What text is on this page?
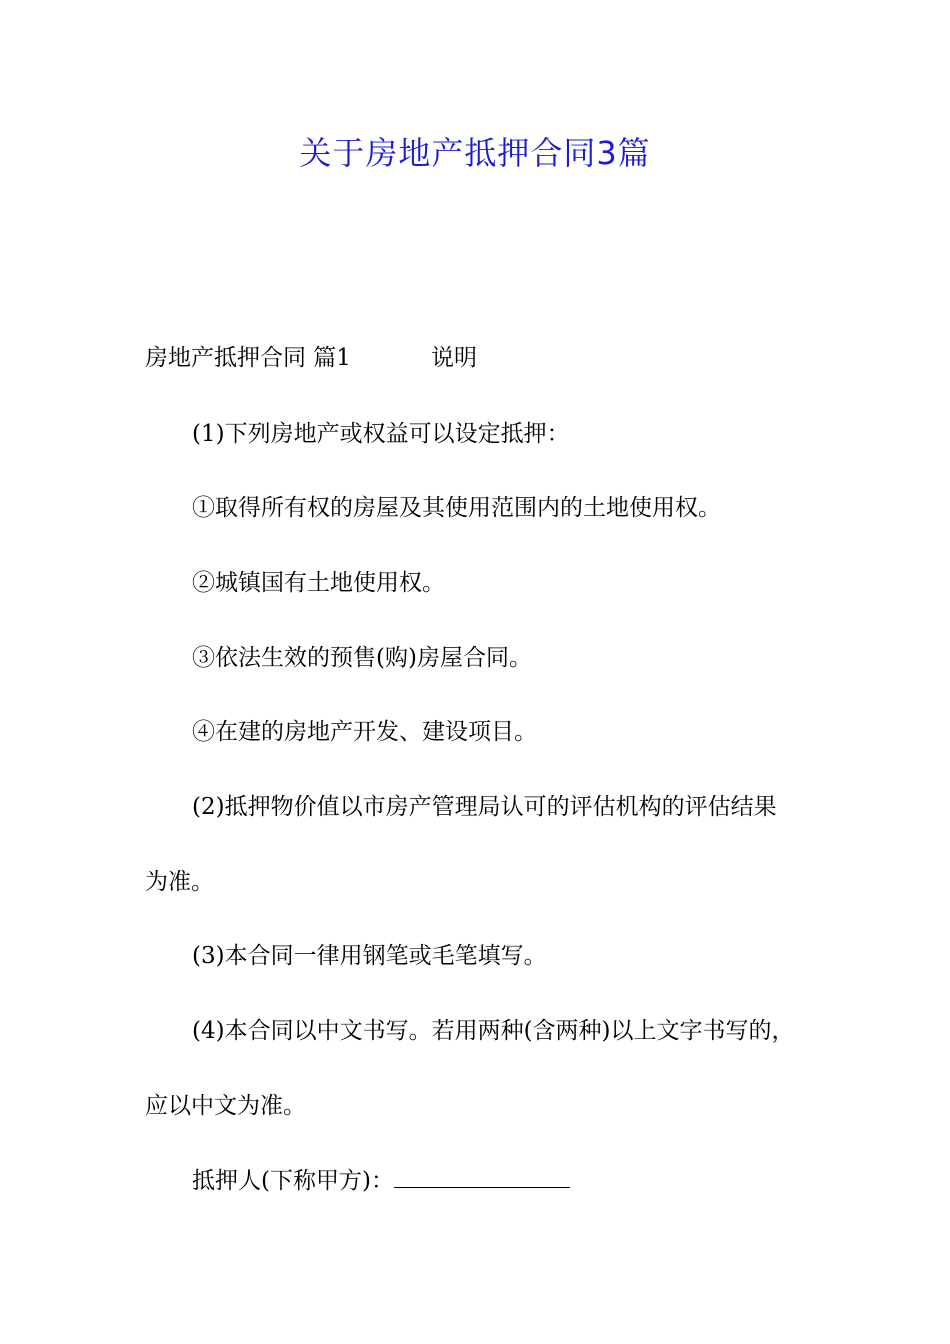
关于房地产抵押合同3篇
房地产抵押合同 篇1	说明
(1)下列房地产或权益可以设定抵押：
①取得所有权的房屋及其使用范围内的土地使用权。
②城镇国有土地使用权。
③依法生效的预售(购)房屋合同。
④在建的房地产开发、建设项目。
(2)抵押物价值以市房产管理局认可的评估机构的评估结果
为准。
(3)本合同一律用钢笔或毛笔填写。
(4)本合同以中文书写。若用两种(含两种)以上文字书写的，
应以中文为准。
抵押人(下称甲方)：
